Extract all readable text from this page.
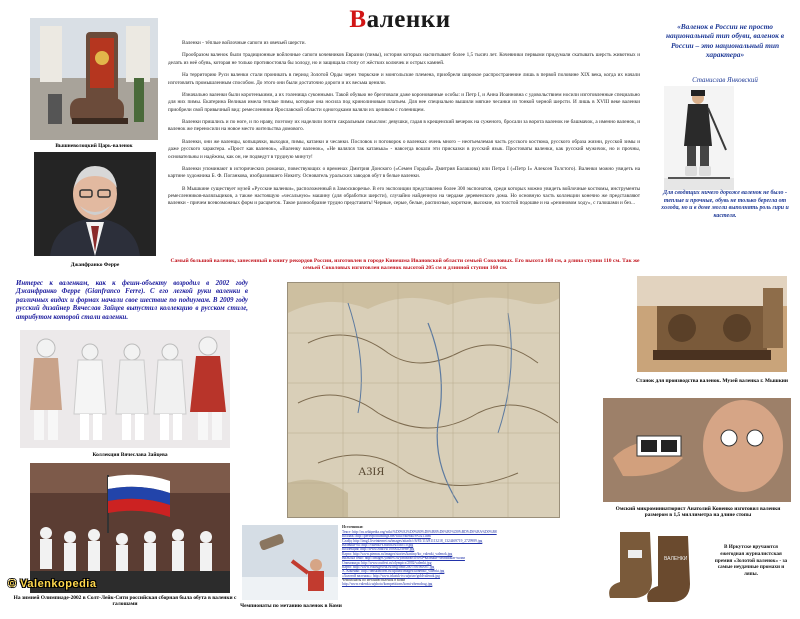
Валенки
Вышневолоцкий Царь-валенок
Джанфранко Ферре

Валенки - тёплые войлочные сапоги из овечьей шерсти.

Прообразом валенок были традиционные войлочные сапоги кочевников Евразии (пимы), история которых насчитывает более 1,5 тысяч лет. Кочевники первыми придумали скатывать шерсть животных и делать из неё обувь, которая не только противостояла бы холоду, но и защищала стопу от жёстких колючек и острых камней.

На территорию Руси валенки стали проникать в период Золотой Орды через тюркские и монгольские племена, приобрели широкое распространение лишь в первой половине XIX века, когда их начали изготовлять промышленным способом. До этого они были достаточно дороги и их весьма ценили.

Изначально валенки были коротенькими, а их голенища суконными. Такой обувью не брезговали даже коронованные особы: и Петр I, и Анна Иоанновна с удовольствием носили изготовленные специально для них пимы. Екатерина Великая имела теплые пимы, которые она носила под кринолиновым платьем. Для нее специально вышили мягкие чесанки из тонкой черной шерсти. И лишь в XVIII веке валенки приобрели свой привычный вид: ремесленники Ярославской области одногодками валяли их целиком с голенищем.

Валенки пришлись и по ноге, и по нраву, поэтому их наделили почти сакральным смыслом: девушки, гадая в крещенский вечерок на суженого, бросали за ворота валенок не башмачок, а именно валенок, и валенок же переносили на новое место жительства домового.

Валенки, они же валенцы, копыцачки, выходки, пимы, катанки и чесанки. Пословок и поговорок о валенках очень много – неотъемлемая часть русского костюма, русского образа жизни, русской зимы и даже русского характера. «Прост как валенок», «Валенку валенок», «Не валялся так катанька» - навсегда вошли эти присказки в русский язык. Простоваты валенки, как русский мужичок, но и прочны, основательны и надёжны, как он, не подведут в трудную минуту!

Валенки упоминают в исторических романах, повествующих о временах Дмитрия Донского («Семен Гордый» Дмитрия Балашова) или Петра I («Петр I» Алексея Толстого). Валенки можно увидеть на картине художника Б. Ф. Поганкова, изобразившего Никиту. Основатель уральских заводов обут в белые валенки.

В Мышкине существует музей «Русские валенки», расположенный в Замоскворечье. В его экспозиции представлено более 300 экспонатов, среди которых можно увидеть войлочные костюмы, инструменты ремесленников-валяльщиков, а также настоящую «чесальную» машину (для обработки шерсти), случайно найденную на чердаке деревенского дома. Но основную часть коллекции конечно же представляют валенки - причем всевозможных форм и расцветок. Такое разнообразие трудно представить! Черные, серые, белые, расписные, короткие, высокие, на толстой подошве и на «резиновом ходу», с галошами и без...

Самый большой валенок, занесенный в книгу рекордов России, изготовлен в городе Кинешма Ивановской области семьей Соколовых. Его высота 168 см, а длина ступни 110 см. Так же семьей Соколовых изготовлен валенок высотой 205 см и длинной ступни 160 см.
«Валенок в России не просто национальный тип обуви, валенок в России – это национальный тип характера»
Станислав Янковский
Для сводящих ничего дороже валенок не было - теплые и прочные, обувь не только берегла от холода, но и в доме могли выполнять роль гири и кастеля.
Интерес к валенкам, как к фешн-объекту возродил в 2002 году Джанфранко Ферре (Gianfranco Ferre). С его легкой руки валенки в различных видах и формах начали свое шествие по подиумам. В 2009 году русский дизайнер Вячеслав Зайцев выпустил коллекцию в русском стиле, атрибутом которой стали валенки.
Коллекция Вячеслава Зайцева
© Valenkopedia
На зимней Олимпиаде-2002 в Солт-Лейк-Сити российская сборная была обута в валенки с галошами
АЗІЯ
Станок для производства валенок. Музей валенка г. Мышкин
Омский микроминиатюрист Анатолий Коненко изготовил валенки размером в 1,5 миллиметра на длине стопы
Чемпионаты по метанию валенок в Коми
Источники:
Текст: http://ru.wikipedia.org/wiki/%D0%92%D0%B0%D0%BB%D0%B5%D0%BD%D0%BA%D0%B8
Коллаж: http://pervopodcastings.net/wiki/valenki/PA021.htm
Слайд: http://img1.liveinternet.ru/images/attach/c/6/81/113/81113218_1324469719_2729989.jpg
Валенки-ба: http://valenki-s.narod.ru/foto/10.jpg
Коллекция: http://www.zitar.ru/1000022/ferre.jpg
Карта: http://www.ptemas.ru/images/stories/kartiny/ko_valenki_valenok.jpg
Вилы на сено: http://images.yandex.ru/yandsearch?text=валенки+чемпионат+коми
Олимпиада: http://www.outfest.ru/olympics/2002/valenki.jpg
Карта: http://www.vokrugsveta.ru/img/cmn/2007/06/06/001.jpg
А. Коненко: http://omskinform.ru/upload/images/konenko_valenki.jpg
«Золотой валенок»: http://www.irkutsk-tv.ru/prize/goldvalenok.jpg
Чемпионаты по метанию валенок в Коми
http://www.valenki.ru/photo/kompetitions/komi-zhemchug.jpg
ВАЛЕНКИ
В Иркутске вручаются ежегодная журналистская премия «Золотой валенок» - за самые неудачные промахи и ляпы.
